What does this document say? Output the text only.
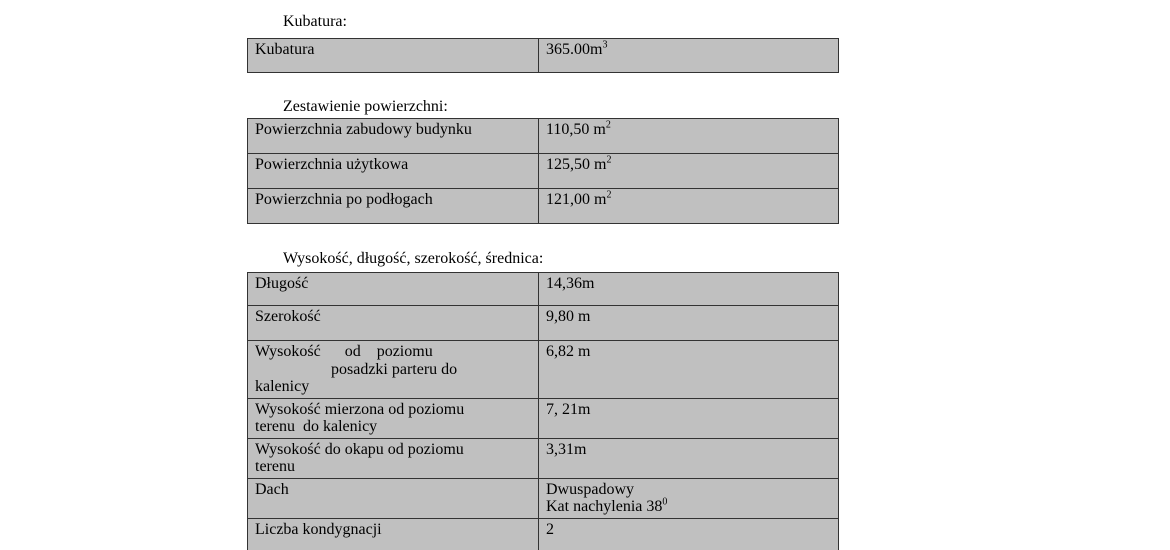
Kubatura:
Kubatura	$365.00m^3$
Zestawienie powierzchni:
Powierzchnia zabudowy budynku	110,50 $m^2$

Powierzchnia użytkowa	125,50 $m^2$

Powierzchnia po podłogach	121,00 $m^2$
Wysokość, długość, szerokość, średnica:
Długość	14,36m

Szerokość	9,80 m

Wysokość      od    poziomu
posadzki parteru do
kalenicy	6,82 m

Wysokość mierzona od poziomu
terenu  do kalenicy	7, 21m

Wysokość do okapu od poziomu
terenu	3,31m

Dach	Dwuspadowy
Kat nachylenia $38^0$

Liczba kondygnacji	2
